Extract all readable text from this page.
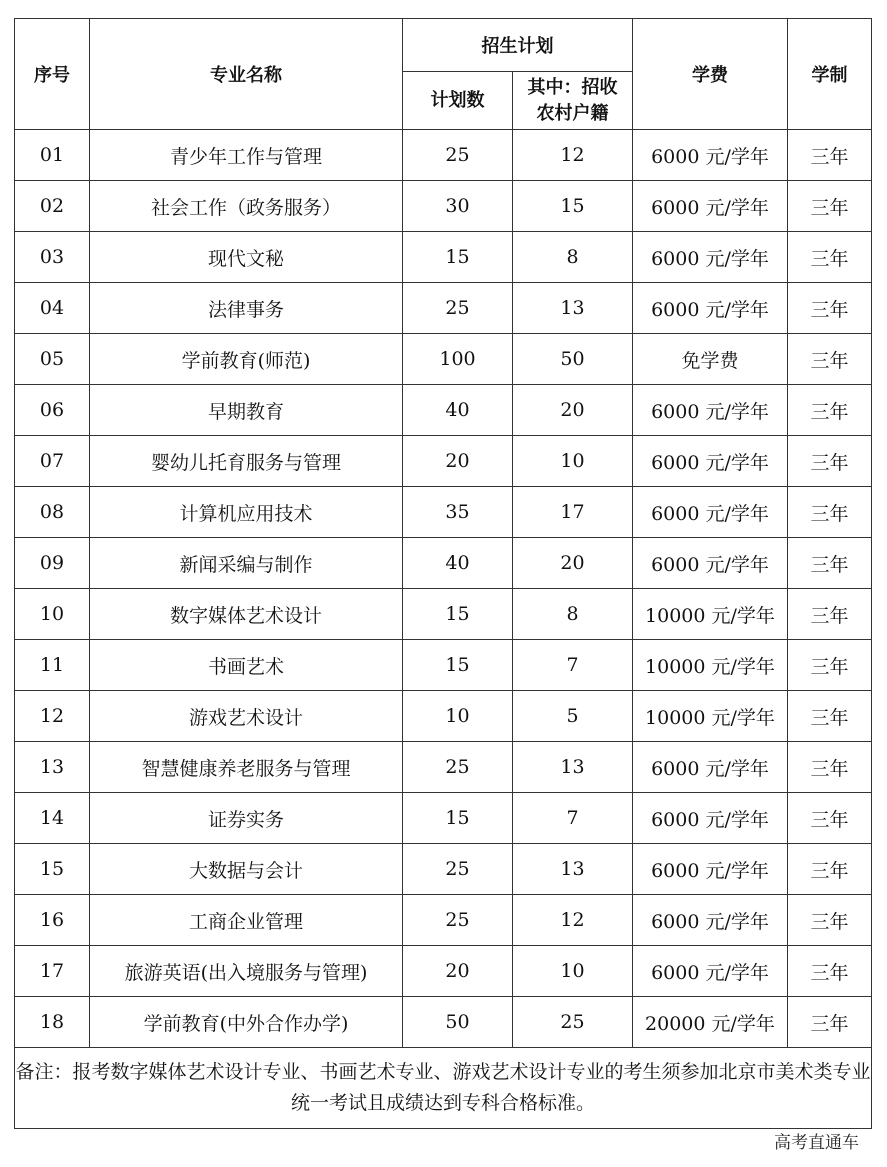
序号	专业名称	招生计划		学费	学制
		计划数	其中：招收农村户籍		
01	青少年工作与管理	25	12	6000 元/学年	三年
02	社会工作（政务服务）	30	15	6000 元/学年	三年
03	现代文秘	15	8	6000 元/学年	三年
04	法律事务	25	13	6000 元/学年	三年
05	学前教育(师范)	100	50	免学费	三年
06	早期教育	40	20	6000 元/学年	三年
07	婴幼儿托育服务与管理	20	10	6000 元/学年	三年
08	计算机应用技术	35	17	6000 元/学年	三年
09	新闻采编与制作	40	20	6000 元/学年	三年
10	数字媒体艺术设计	15	8	10000 元/学年	三年
11	书画艺术	15	7	10000 元/学年	三年
12	游戏艺术设计	10	5	10000 元/学年	三年
13	智慧健康养老服务与管理	25	13	6000 元/学年	三年
14	证券实务	15	7	6000 元/学年	三年
15	大数据与会计	25	13	6000 元/学年	三年
16	工商企业管理	25	12	6000 元/学年	三年
17	旅游英语(出入境服务与管理)	20	10	6000 元/学年	三年
18	学前教育(中外合作办学)	50	25	20000 元/学年	三年
备注：报考数字媒体艺术设计专业、书画艺术专业、游戏艺术设计专业的考生须参加北京市美术类专业统一考试且成绩达到专科合格标准。					
高考直通车
